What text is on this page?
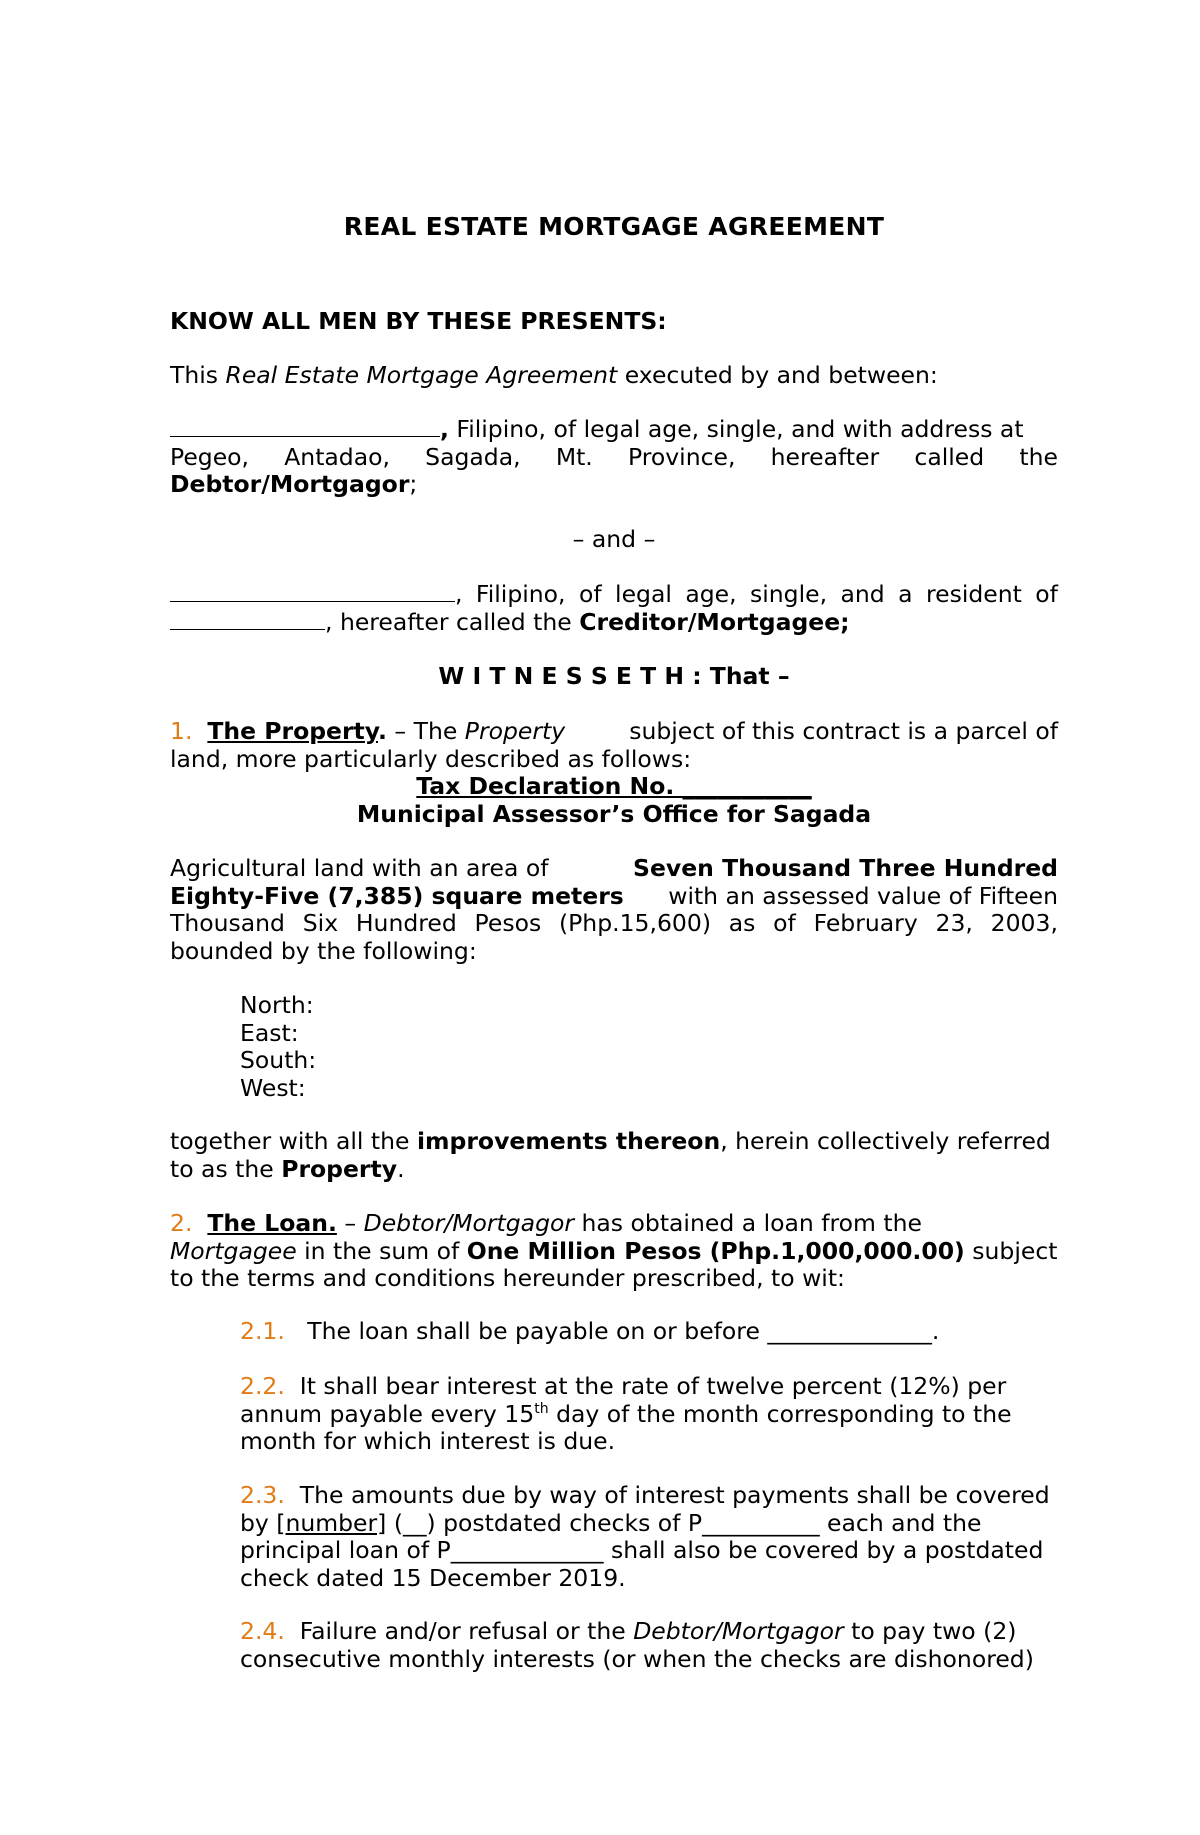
REAL ESTATE MORTGAGE AGREEMENT
KNOW ALL MEN BY THESE PRESENTS:
This Real Estate Mortgage Agreement executed by and between:
, Filipino, of legal age, single, and with address at
Pegeo, Antadao, Sagada, Mt. Province, hereafter called the
Debtor/Mortgagor;
– and –
, Filipino, of legal age, single, and a resident of
, hereafter called the Creditor/Mortgagee;
W I T N E S S E T H : That –
1. The Property. – The Property	subject of this contract is a parcel of
land, more particularly described as follows:
Tax Declaration No. ___________
Municipal Assessor’s Office for Sagada
Agricultural land with an area of	Seven Thousand Three Hundred
Eighty-Five (7,385) square meters with an assessed value of Fifteen
Thousand Six Hundred Pesos (Php.15,600) as of February 23, 2003,
bounded by the following:
North:
East:
South:
West:
together with all the improvements thereon, herein collectively referred
to as the Property.
2. The Loan. – Debtor/Mortgagor has obtained a loan from the
Mortgagee in the sum of One Million Pesos (Php.1,000,000.00) subject
to the terms and conditions hereunder prescribed, to wit:
2.1. The loan shall be payable on or before ______________.
2.2. It shall bear interest at the rate of twelve percent (12%) per
annum payable every 15th day of the month corresponding to the
month for which interest is due.
2.3. The amounts due by way of interest payments shall be covered
by [number] (__) postdated checks of P__________ each and the
principal loan of P_____________ shall also be covered by a postdated
check dated 15 December 2019.
2.4. Failure and/or refusal or the Debtor/Mortgagor to pay two (2)
consecutive monthly interests (or when the checks are dishonored)
